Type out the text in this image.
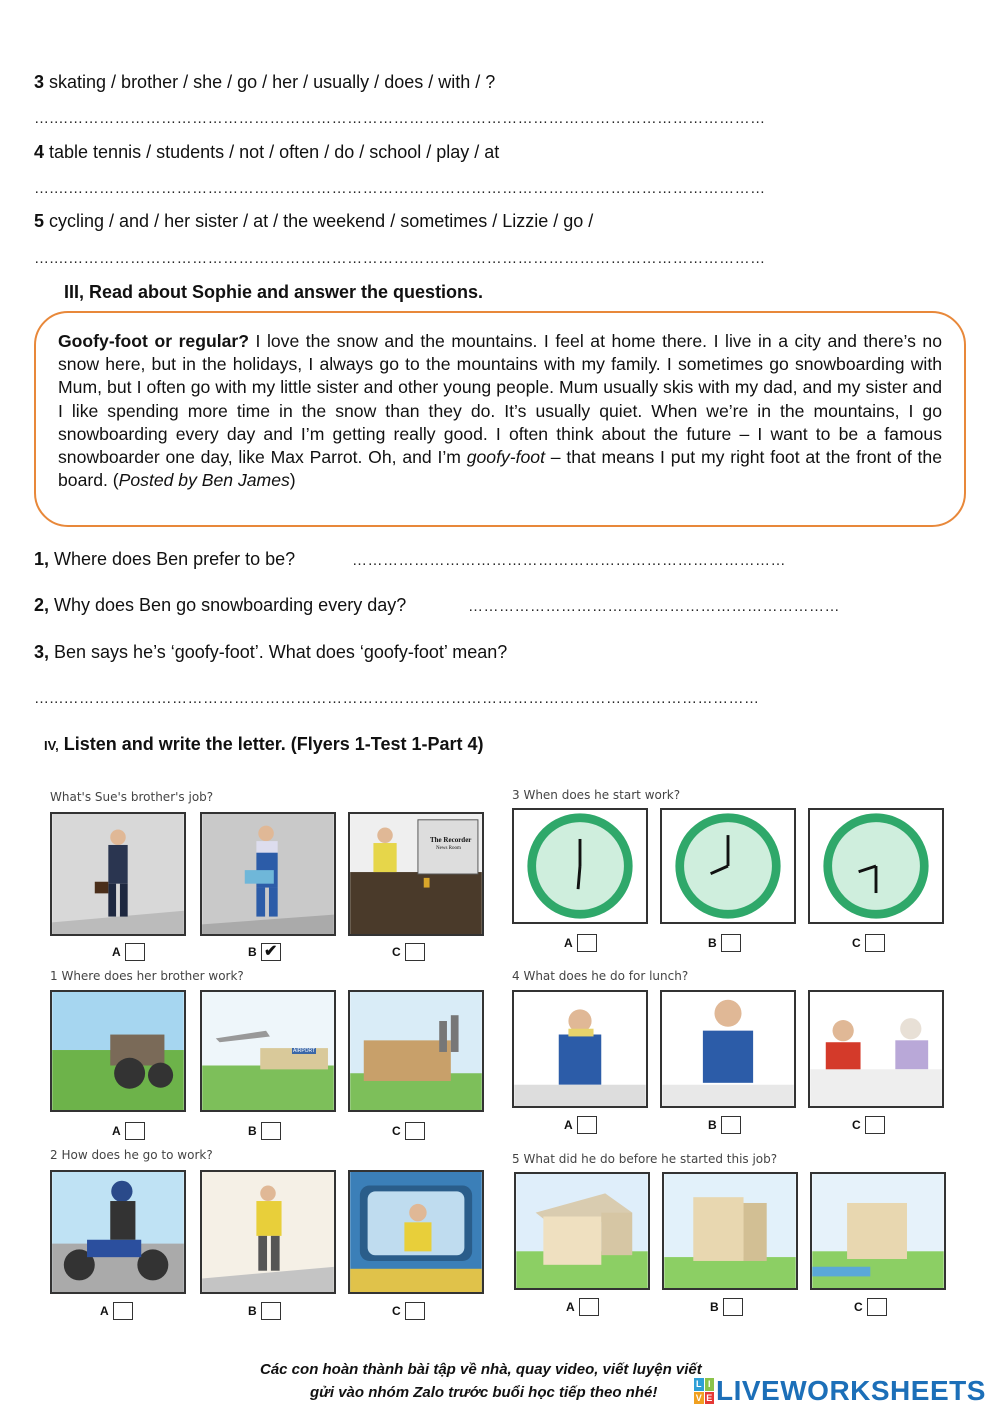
3 skating / brother / she / go / her / usually / does / with / ?
…....………………………………………………………………………………………………………………………
4 table tennis / students / not / often / do / school / play / at
…....………………………………………………………………………………………………………………………
5 cycling / and / her sister / at / the weekend / sometimes / Lizzie / go /
…....………………………………………………………………………………………………………………………
III, Read about Sophie and answer the questions.
Goofy-foot or regular? I love the snow and the mountains. I feel at home there. I live in a city and there’s no snow here, but in the holidays, I always go to the mountains with my family. I sometimes go snowboarding with Mum, but I often go with my little sister and other young people. Mum usually skis with my dad, and my sister and I like spending more time in the snow than they do. It’s usually quiet. When we’re in the mountains, I go snowboarding every day and I’m getting really good. I often think about the future – I want to be a famous snowboarder one day, like Max Parrot. Oh, and I’m goofy-foot – that means I put my right foot at the front of the board. (Posted by Ben James)
1, Where does Ben prefer to be?	…………………………………………………………………………
2, Why does Ben go snowboarding every day?	………………………………………………………………
3, Ben says he’s ‘goofy-foot’. What does ‘goofy-foot’ mean?
…...………………………………………………………………………………………………...……………………
IV, Listen and write the letter. (Flyers 1-Test 1-Part 4)
What's Sue's brother's job?
The Recorder
News Room
A	B ✔	C
1 Where does her brother work?
AIRPORT
A	B	C
2 How does he go to work?
A	B	C
3 When does he start work?
A	B	C
4 What does he do for lunch?
A	B	C
5 What did he do before he started this job?
A	B	C
Các con hoàn thành bài tập về nhà, quay video, viết luyện viết
gửi vào nhóm Zalo trước buổi học tiếp theo nhé!	L I
V E LIVEWORKSHEETS
